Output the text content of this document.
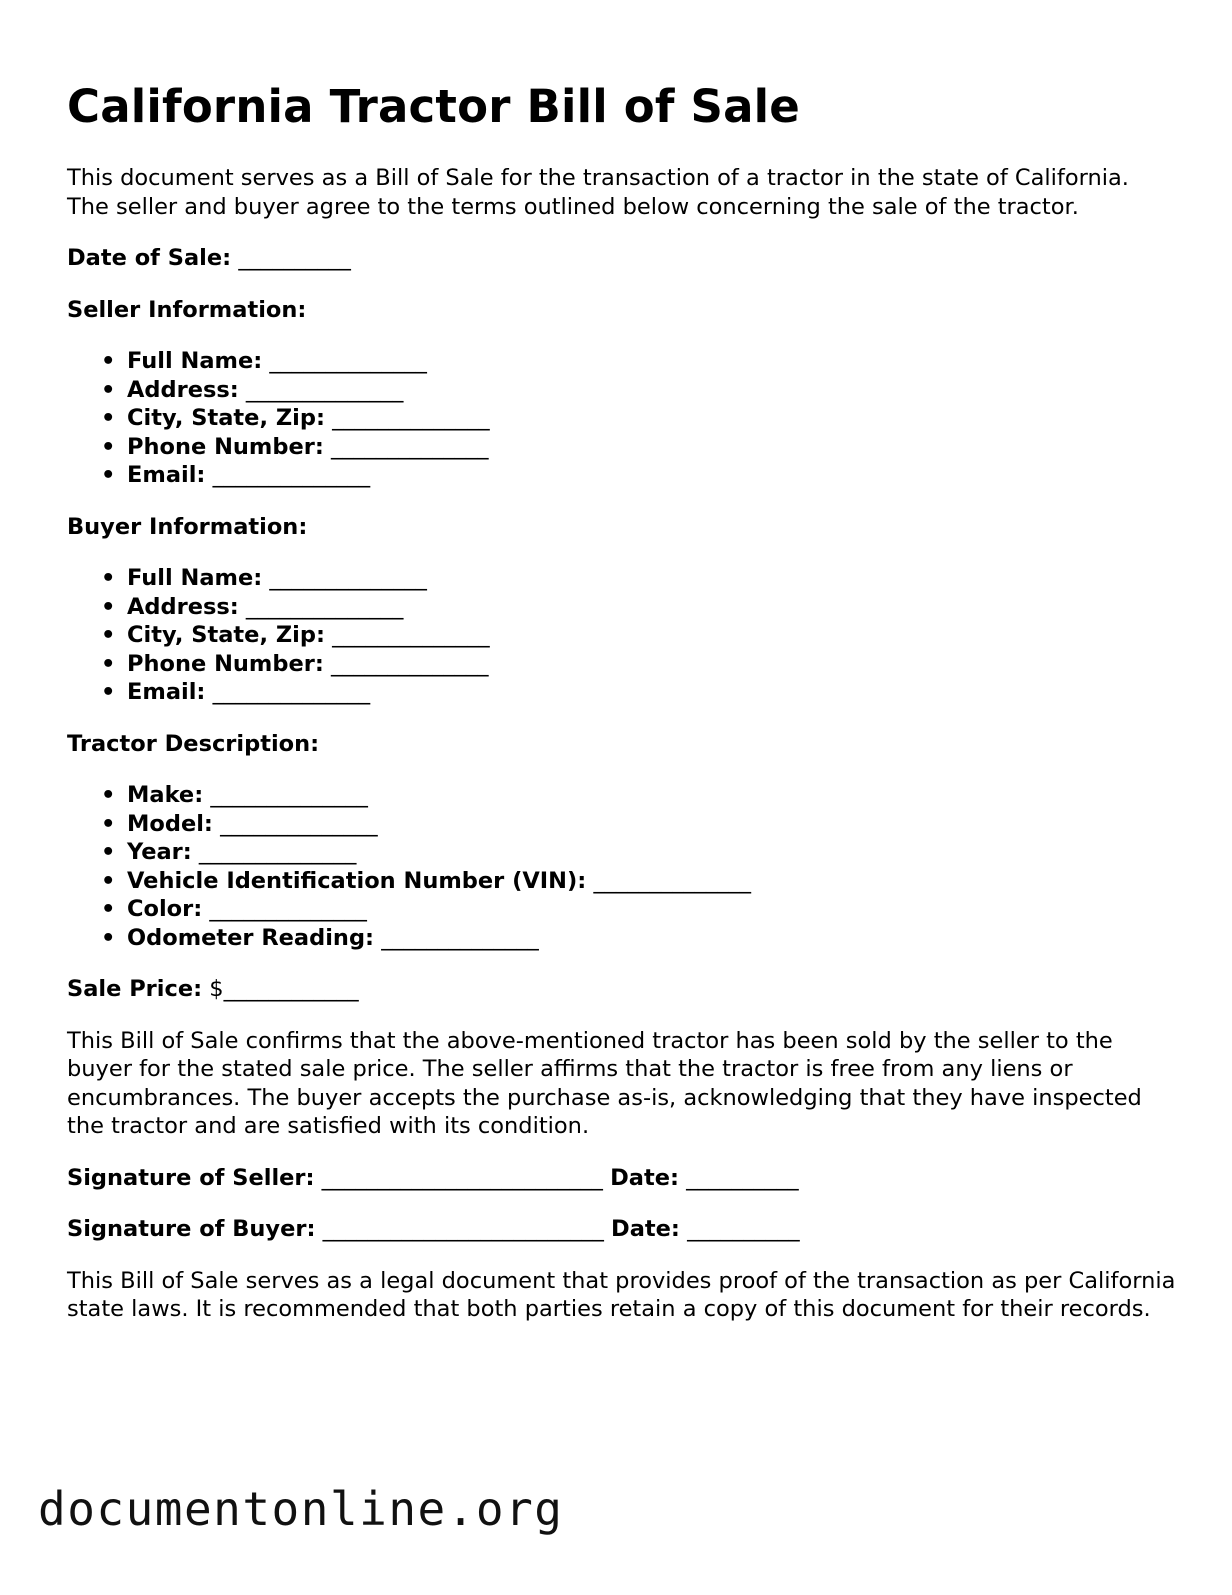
California Tractor Bill of Sale

This document serves as a Bill of Sale for the transaction of a tractor in the state of California. The seller and buyer agree to the terms outlined below concerning the sale of the tractor.

Date of Sale: __________
Seller Information:
• Full Name: ______________
• Address: ______________
• City, State, Zip: ______________
• Phone Number: ______________
• Email: ______________
Buyer Information:
• Full Name: ______________
• Address: ______________
• City, State, Zip: ______________
• Phone Number: ______________
• Email: ______________
Tractor Description:
• Make: ______________
• Model: ______________
• Year: ______________
• Vehicle Identification Number (VIN): ______________
• Color: ______________
• Odometer Reading: ______________
Sale Price: $____________

This Bill of Sale confirms that the above-mentioned tractor has been sold by the seller to the buyer for the stated sale price. The seller affirms that the tractor is free from any liens or encumbrances. The buyer accepts the purchase as-is, acknowledging that they have inspected the tractor and are satisfied with its condition.

Signature of Seller: _________________________ Date: __________
Signature of Buyer: _________________________ Date: __________

This Bill of Sale serves as a legal document that provides proof of the transaction as per California state laws. It is recommended that both parties retain a copy of this document for their records.

documentonline.org
